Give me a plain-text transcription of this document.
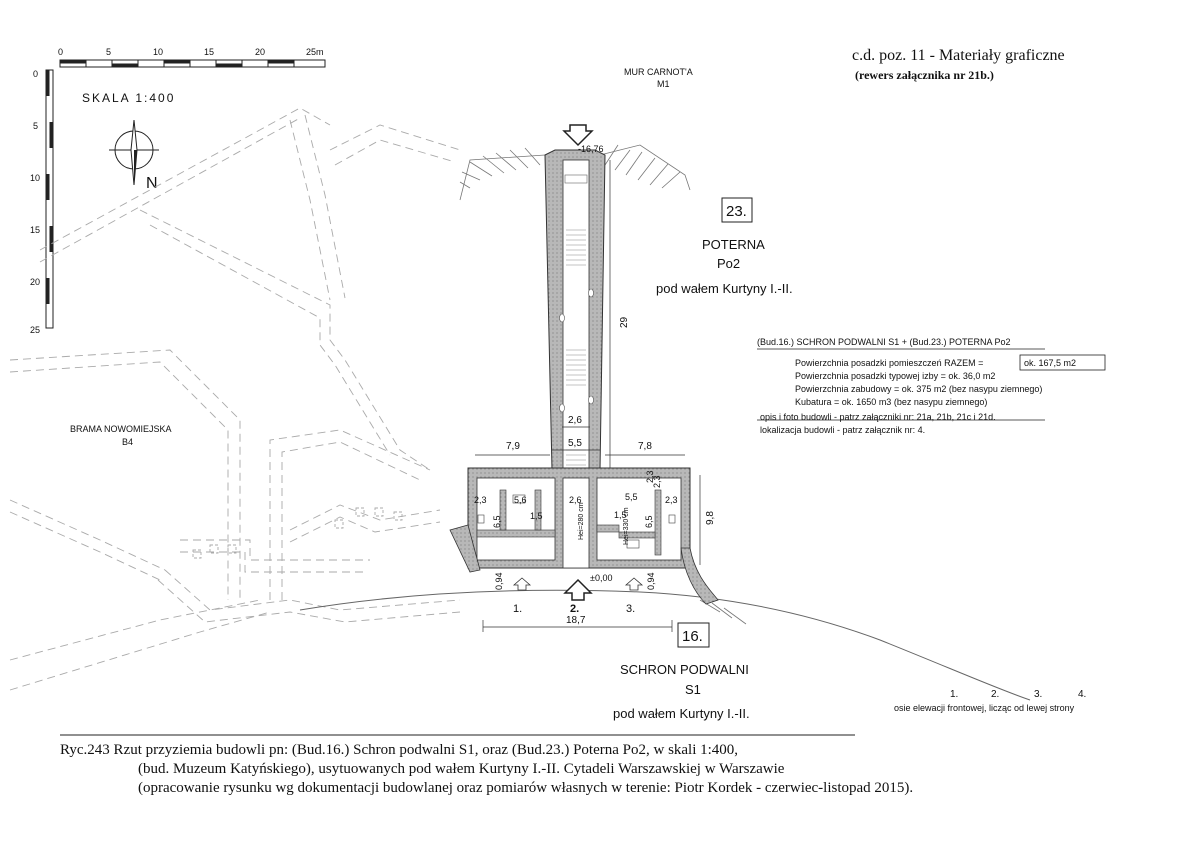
0	5	10	15	20	25m
0
5
10
15
20
25
SKALA 1:400
N
MUR CARNOT'A
M1
BRAMA NOWOMIEJSKA
B4
-16,76
29
2,6
5,5
7,9	7,8
9,8
18,7
±0,00
0,94	0,94
2,3	5,6
1,5
6,5
2,6
Hei=280 cm
5,5
2,3
1,5
6,5
Hei=330 cm
2,3
2,3
1.	2.	3.
23.
16.
POTERNA
Po2
pod wałem Kurtyny I.-II.
SCHRON PODWALNI
S1
pod wałem Kurtyny I.-II.
1.	2.	3.	4.
osie elewacji frontowej, licząc od lewej strony
c.d. poz. 11 - Materiały graficzne
(rewers załącznika nr 21b.)
(Bud.16.) SCHRON PODWALNI S1 + (Bud.23.) POTERNA Po2
Powierzchnia posadzki pomieszczeń RAZEM =	ok. 167,5 m2
Powierzchnia posadzki typowej izby = ok. 36,0 m2
Powierzchnia zabudowy = ok. 375 m2 (bez nasypu ziemnego)
Kubatura = ok. 1650 m3 (bez nasypu ziemnego)
opis i foto budowli - patrz załączniki nr: 21a, 21b, 21c i 21d.
lokalizacja budowli - patrz załącznik nr: 4.
Ryc.243 Rzut przyziemia budowli pn: (Bud.16.) Schron podwalni S1, oraz (Bud.23.) Poterna Po2, w skali 1:400,
(bud. Muzeum Katyńskiego), usytuowanych pod wałem Kurtyny I.-II. Cytadeli Warszawskiej w Warszawie
(opracowanie rysunku wg dokumentacji budowlanej oraz pomiarów własnych w terenie: Piotr Kordek - czerwiec-listopad 2015).
